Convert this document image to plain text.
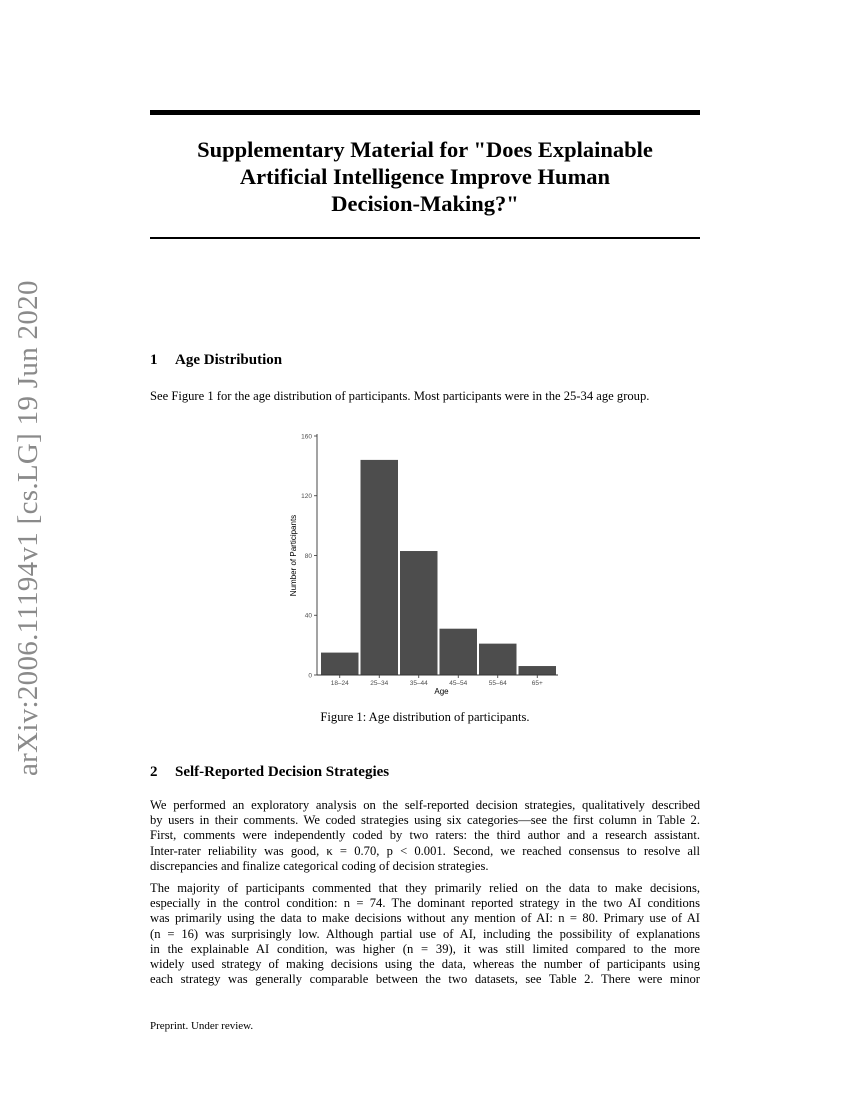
Supplementary Material for "Does Explainable
Artificial Intelligence Improve Human
Decision-Making?"
arXiv:2006.11194v1 [cs.LG] 19 Jun 2020	1 Age Distribution
See Figure 1 for the age distribution of participants. Most participants were in the 25-34 age group.
18–24	25–34	35–44	45–54	55–64	65+
0
40
80
120
160
Age
Number of Participants
Figure 1: Age distribution of participants.
2 Self-Reported Decision Strategies
We performed an exploratory analysis on the self-reported decision strategies, qualitatively described
by users in their comments. We coded strategies using six categories—see the first column in Table 2.
First, comments were independently coded by two raters: the third author and a research assistant.
Inter-rater reliability was good, κ = 0.70, p < 0.001. Second, we reached consensus to resolve all
discrepancies and finalize categorical coding of decision strategies.
The majority of participants commented that they primarily relied on the data to make decisions,
especially in the control condition: n = 74. The dominant reported strategy in the two AI conditions
was primarily using the data to make decisions without any mention of AI: n = 80. Primary use of AI
(n = 16) was surprisingly low. Although partial use of AI, including the possibility of explanations
in the explainable AI condition, was higher (n = 39), it was still limited compared to the more
widely used strategy of making decisions using the data, whereas the number of participants using
each strategy was generally comparable between the two datasets, see Table 2. There were minor
Preprint. Under review.
